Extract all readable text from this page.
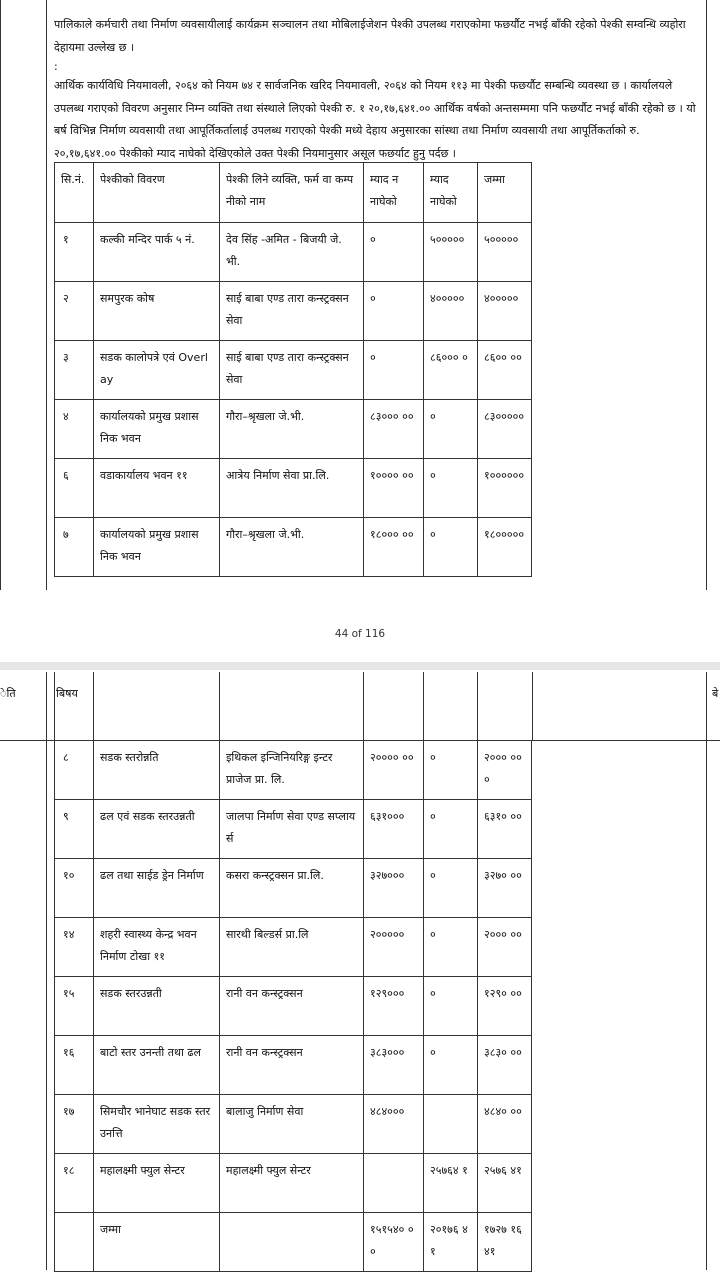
पालिकाले कर्मचारी तथा निर्माण व्यवसायीलाई कार्यक्रम सञ्चालन तथा मोबिलाईजेशन पेश्की उपलब्ध गराएकोमा फछर्यौट नभई बाँकी रहेको पेश्की सम्वन्धि व्यहोरा देहायमा उल्लेख छ ।

:

आर्थिक कार्यविधि नियमावली, २०६४ को नियम ७४ र सार्वजनिक खरिद नियमावली, २०६४ को नियम ११३ मा पेश्की फछर्यौट सम्बन्धि व्यवस्था छ । कार्यालयले उपलब्ध गराएको विवरण अनुसार निम्न व्यक्ति तथा संस्थाले लिएको पेश्की रु. १ २०,१७,६४१.०० आर्थिक वर्षको अन्तसम्ममा पनि फछर्यौट नभई बाँकी रहेको छ । यो बर्ष विभिन्न निर्माण व्यवसायी तथा आपूर्तिकर्तालाई उपलब्ध गराएको पेश्की मध्ये देहाय अनुसारका सांस्था तथा निर्माण व्यवसायी तथा आपूर्तिकर्ताको रु. २०,१७,६४१.०० पेश्कीको म्याद नाघेको देखिएकोले उक्त पेश्की नियमानुसार असूल फछर्याट हुनु पर्दछ ।

सि.नं.	पेश्कीको विवरण	पेश्की लिने व्यक्ति, फर्म वा कम्पनीको नाम	म्याद ननाघेको	म्याद नाघेको	जम्मा
१	कल्की मन्दिर पार्क ५ नं.	देव सिंह -अमित - बिजयी जे. भी.	०	५०००००	५०००००
२	समपुरक कोष	साई बाबा एण्ड तारा कन्स्ट्रक्सन सेवा	०	४०००००	४०००००
३	सडक कालोपत्रे एवं Overlay	साई बाबा एण्ड तारा कन्स्ट्रक्सन सेवा	०	८६००० ०	८६०० ००
४	कार्यालयको प्रमुख प्रशासनिक भवन	गौरा–श्रृखला जे.भी.	८३००० ००	०	८३०००००
६	वडाकार्यालय भवन ११	आत्रेय निर्माण सेवा प्रा.लि.	१०००० ००	०	१००००००
७	कार्यालयको प्रमुख प्रशासनिक भवन	गौरा–श्रृखला जे.भी.	१८००० ००	०	१८०००००
44 of 116
ेति	बे
बिषय
८	सडक स्तरोन्नति	इथिकल इन्जिनियरिङ्ग इन्टरप्राजेज प्रा. लि.	२०००० ००	०	२००० ०००
९	ढल एवं सडक स्तरउन्नती	जालपा निर्माण सेवा एण्ड सप्लायर्स	६३१०००	०	६३१० ००
१०	ढल तथा साईड ड्रेन निर्माण	कसरा कन्स्ट्रक्सन प्रा.लि.	३२७०००	०	३२७० ००
१४	शहरी स्वास्थ्य केन्द्र भवन निर्माण टोखा ११	सारथी बिल्डर्स प्रा.लि	२०००००	०	२००० ००
१५	सडक स्तरउन्नती	रानी वन कन्स्ट्रक्सन	१२९०००	०	१२९० ००
१६	बाटो स्तर उनन्ती तथा ढल	रानी वन कन्स्ट्रक्सन	३८३०००	०	३८३० ००
१७	सिमचौर भानेघाट सडक स्तरउनत्ति	बालाजु निर्माण सेवा	४८४०००		४८४० ००
१८	महालक्ष्मी फ्युल सेन्टर	महालक्ष्मी फ्युल सेन्टर		२५७६४ १	२५७६ ४१
	जम्मा		१५१५४० ००	२०१७६ ४१	१७२७ १६४१
